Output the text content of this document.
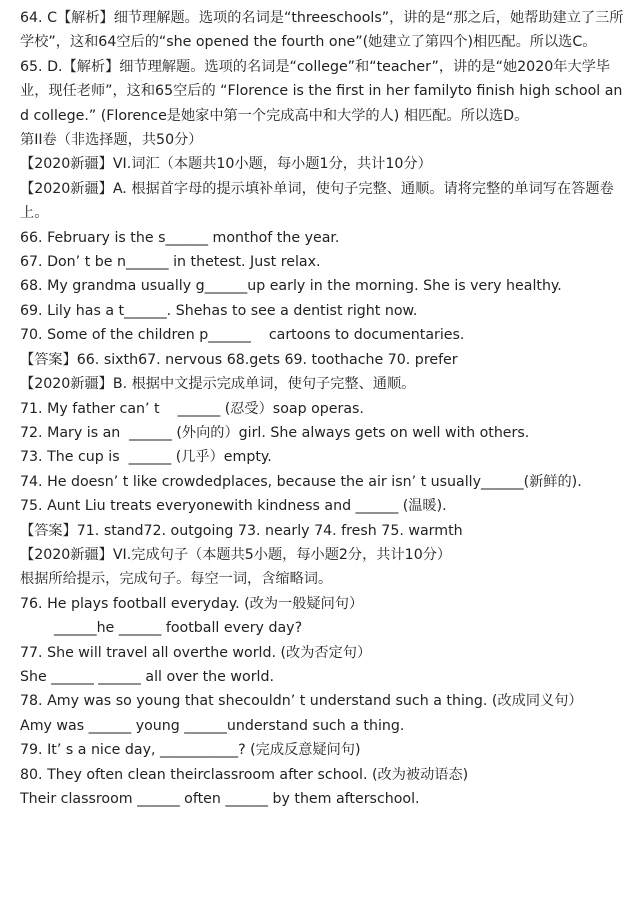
64. C【解析】细节理解题。选项的名词是“threeschools”，讲的是“那之后，她帮助建立了三所学校”，这和64空后的“she opened the fourth one”(她建立了第四个)相匹配。所以选C。
65. D.【解析】细节理解题。选项的名词是“college”和“teacher”，讲的是“她2020年大学毕业，现任老师”，这和65空后的 “Florence is the first in her familyto finish high school and college.” (Florence是她家中第一个完成高中和大学的人) 相匹配。所以选D。
第II卷（非选择题，共50分）
【2020新疆】VI.词汇（本题共10小题，每小题1分，共计10分）
【2020新疆】A. 根据首字母的提示填补单词，使句子完整、通顺。请将完整的单词写在答题卷上。
66. February is the s______ monthof the year.
67. Don’ t be n______ in thetest. Just relax.
68. My grandma usually g______up early in the morning. She is very healthy.
69. Lily has a t______. Shehas to see a dentist right now.
70. Some of the children p______    cartoons to documentaries.
【答案】66. sixth67. nervous 68.gets 69. toothache 70. prefer
【2020新疆】B. 根据中文提示完成单词，使句子完整、通顺。
71. My father can’ t    ______ (忍受）soap operas.
72. Mary is an  ______ (外向的）girl. She always gets on well with others.
73. The cup is  ______ (几乎）empty.
74. He doesn’ t like crowdedplaces, because the air isn’ t usually______(新鲜的).
75. Aunt Liu treats everyonewith kindness and ______ (温暖).
【答案】71. stand72. outgoing 73. nearly 74. fresh 75. warmth
【2020新疆】VI.完成句子（本题共5小题，每小题2分，共计10分）
根据所给提示，完成句子。每空一词，含缩略词。
76. He plays football everyday. (改为一般疑问句）
______he ______ football every day?
77. She will travel all overthe world. (改为否定句）
She ______ ______ all over the world.
78. Amy was so young that shecouldn’ t understand such a thing. (改成同义句）
Amy was ______ young ______understand such a thing.
79. It’ s a nice day, ___________? (完成反意疑问句)
80. They often clean theirclassroom after school. (改为被动语态)
Their classroom ______ often ______ by them afterschool.
